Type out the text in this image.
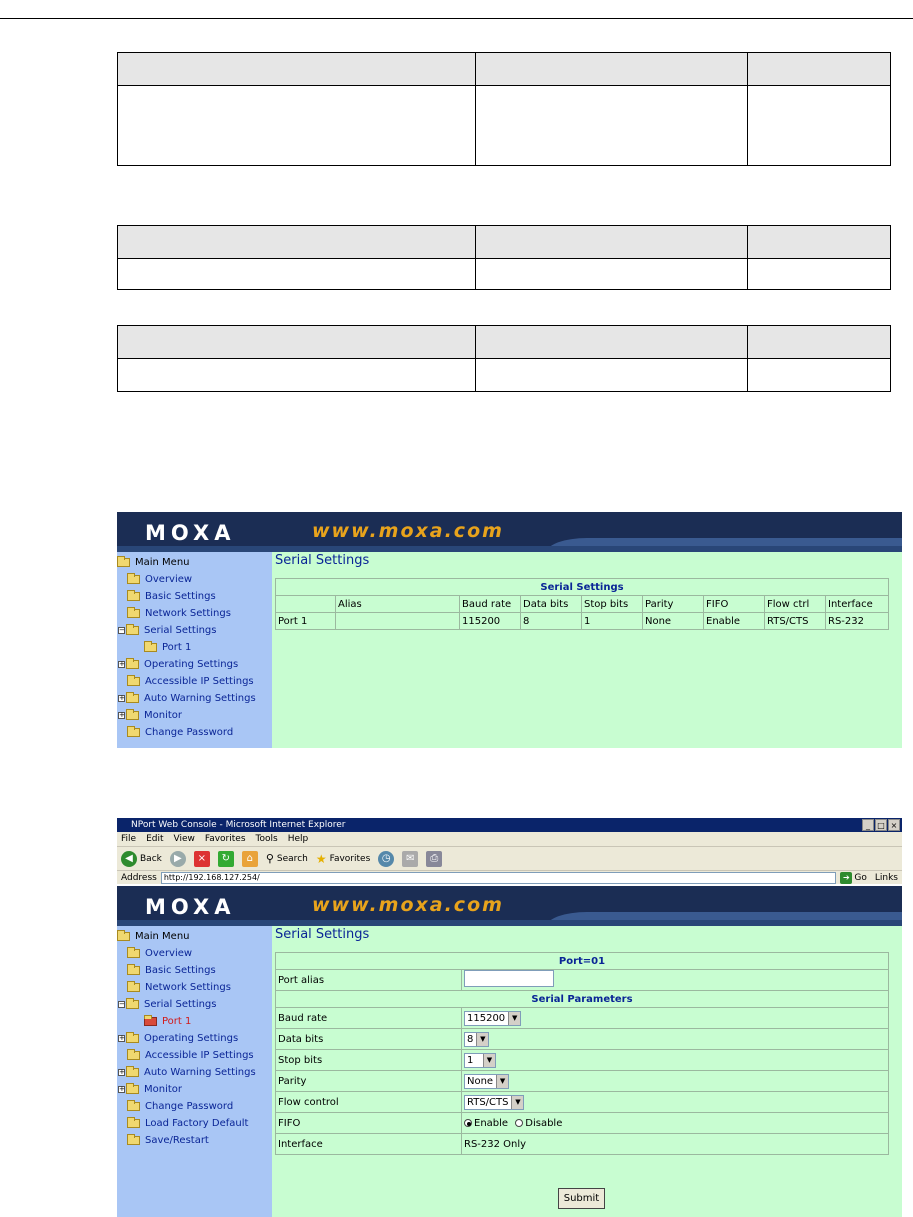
MOXA	www.moxa.com
Main Menu
Overview
Basic Settings
Network Settings
− Serial Settings
Port 1
+ Operating Settings
Accessible IP Settings
+ Auto Warning Settings
+ Monitor
Change Password
Serial Settings
Serial Settings								
	Alias	Baud rate	Data bits	Stop bits	Parity	FIFO	Flow ctrl	Interface
Port 1		115200	8	1	None	Enable	RTS/CTS	RS-232
NPort Web Console - Microsoft Internet Explorer	_ □ ×
File Edit View Favorites Tools Help
◀ Back	▶	×	↻	⌂	⚲ Search ★ Favorites	◷	✉	⎙
Address http://192.168.127.254/	➔ Go Links
MOXA	www.moxa.com
Main Menu
Overview
Basic Settings
Network Settings
− Serial Settings
Port 1
+ Operating Settings
Accessible IP Settings
+ Auto Warning Settings
+ Monitor
Change Password
Load Factory Default
Save/Restart
Serial Settings
Port=01	
Port alias	
Serial Parameters	
Baud rate	115200 ▼

Data bits	8 ▼

Stop bits	1 ▼

Parity	None ▼

Flow control	RTS/CTS ▼

FIFO	Enable Disable
Interface	RS-232 Only
Submit
